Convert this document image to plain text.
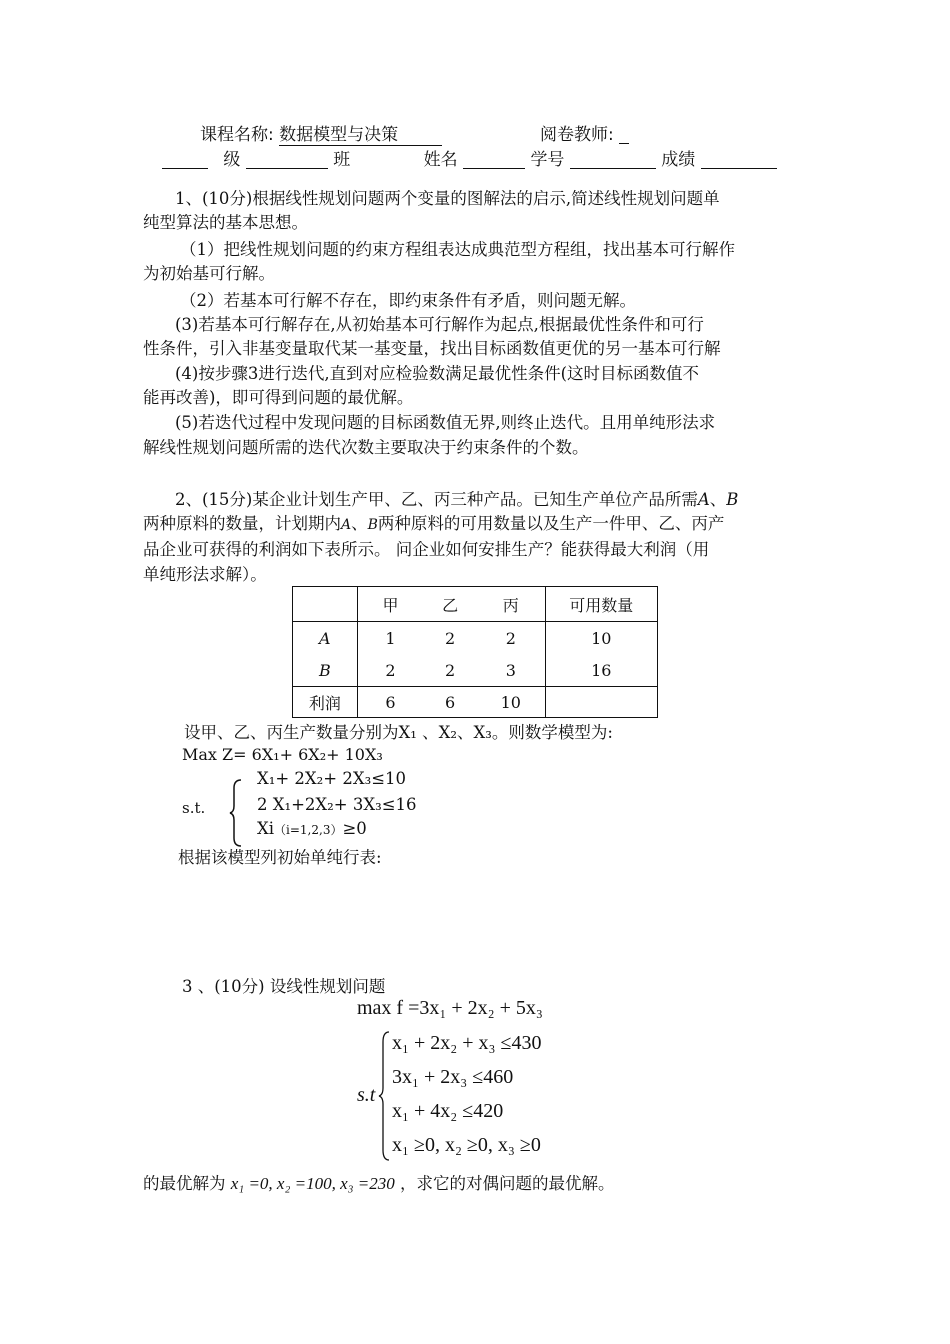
课程名称: 数据模型与决策	阅卷教师:
级	班	姓名	学号	成绩
1、(10分)根据线性规划问题两个变量的图解法的启示,简述线性规划问题单
纯型算法的基本思想。
（1）把线性规划问题的约束方程组表达成典范型方程组，找出基本可行解作
为初始基可行解。
（2）若基本可行解不存在，即约束条件有矛盾，则问题无解。
(3)若基本可行解存在,从初始基本可行解作为起点,根据最优性条件和可行
性条件，引入非基变量取代某一基变量，找出目标函数值更优的另一基本可行解
(4)按步骤3进行迭代,直到对应检验数满足最优性条件(这时目标函数值不
能再改善)，即可得到问题的最优解。
(5)若迭代过程中发现问题的目标函数值无界,则终止迭代。且用单纯形法求
解线性规划问题所需的迭代次数主要取决于约束条件的个数。
2、(15分)某企业计划生产甲、乙、丙三种产品。已知生产单位产品所需A、B
两种原料的数量，计划期内A、B两种原料的可用数量以及生产一件甲、乙、丙产
品企业可获得的利润如下表所示。 问企业如何安排生产？能获得最大利润（用
单纯形法求解）。
	甲	乙	丙	可用数量
A	1	2	2	10
B	2	2	3	16
利润	6	6	10	
设甲、乙、丙生产数量分别为X₁ 、X₂、X₃。则数学模型为:
Max Z= 6X₁+ 6X₂+ 10X₃
X₁+ 2X₂+ 2X₃≤10
s.t.	2 X₁+2X₂+ 3X₃≤16
Xi（i=1,2,3）≥0
根据该模型列初始单纯行表:
3 、(10分) 设线性规划问题
max f =3x₁ + 2x₂ + 5x₃
s.t
x₁ + 2x₂ + x₃ ≤430
3x₁ + 2x₃ ≤460
x₁ + 4x₂ ≤420
x₁ ≥0, x₂ ≥0, x₃ ≥0
的最优解为 x₁ =0, x₂ =100, x₃ =230 ，求它的对偶问题的最优解。
